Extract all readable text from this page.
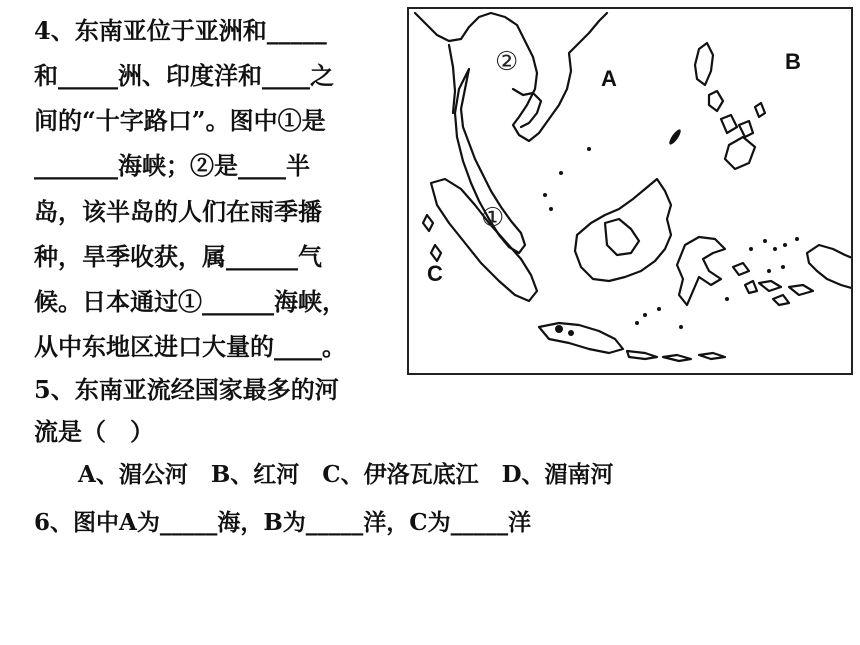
4、东南亚位于亚洲和_____
和_____洲、印度洋和____之
间的“十字路口”。图中①是
_______海峡；②是____半
岛，该半岛的人们在雨季播
种，旱季收获，属______气
候。日本通过①______海峡，
从中东地区进口大量的____。
5、东南亚流经国家最多的河
流是（　）
A、湄公河　B、红河　C、伊洛瓦底江　D、湄南河
6、图中A为_____海，B为_____洋，C为_____洋
②
①
A
B
C
